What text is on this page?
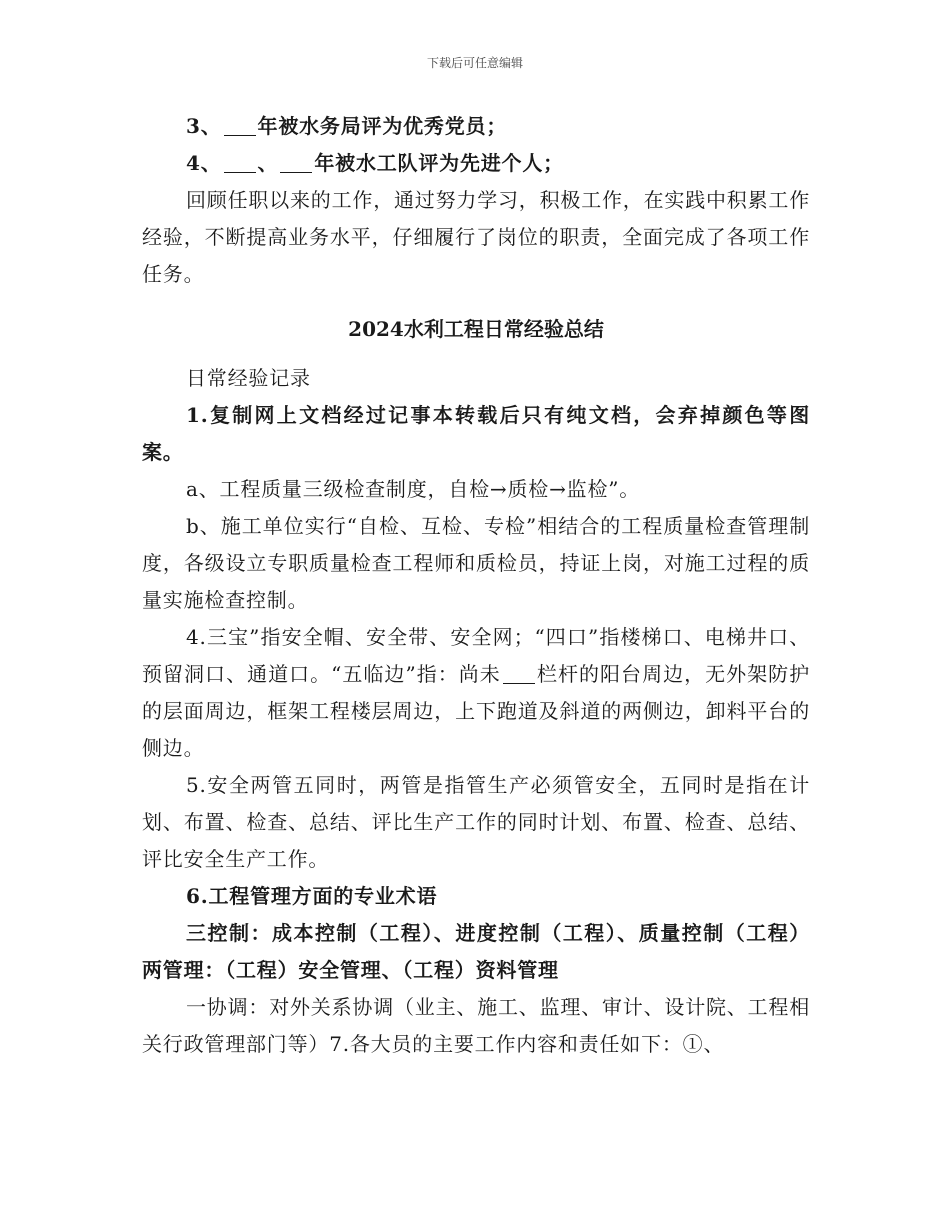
下载后可任意编辑

3、 年被水务局评为优秀党员；

4、 、 年被水工队评为先进个人；

回顾任职以来的工作，通过努力学习，积极工作，在实践中积累工作经验，不断提高业务水平，仔细履行了岗位的职责，全面完成了各项工作任务。

2024水利工程日常经验总结

日常经验记录

1.复制网上文档经过记事本转载后只有纯文档，会弃掉颜色等图案。

a、工程质量三级检查制度，自检→质检→监检”。

b、施工单位实行“自检、互检、专检”相结合的工程质量检查管理制度，各级设立专职质量检查工程师和质检员，持证上岗，对施工过程的质量实施检查控制。

4.三宝”指安全帽、安全带、安全网；“四口”指楼梯口、电梯井口、预留洞口、通道口。“五临边”指：尚未 栏杆的阳台周边，无外架防护的层面周边，框架工程楼层周边，上下跑道及斜道的两侧边，卸料平台的侧边。

5.安全两管五同时，两管是指管生产必须管安全，五同时是指在计划、布置、检查、总结、评比生产工作的同时计划、布置、检查、总结、评比安全生产工作。

6.工程管理方面的专业术语

三控制：成本控制（工程）、进度控制（工程）、质量控制（工程）两管理：（工程）安全管理、（工程）资料管理

一协调：对外关系协调（业主、施工、监理、审计、设计院、工程相关行政管理部门等）7.各大员的主要工作内容和责任如下：①、
